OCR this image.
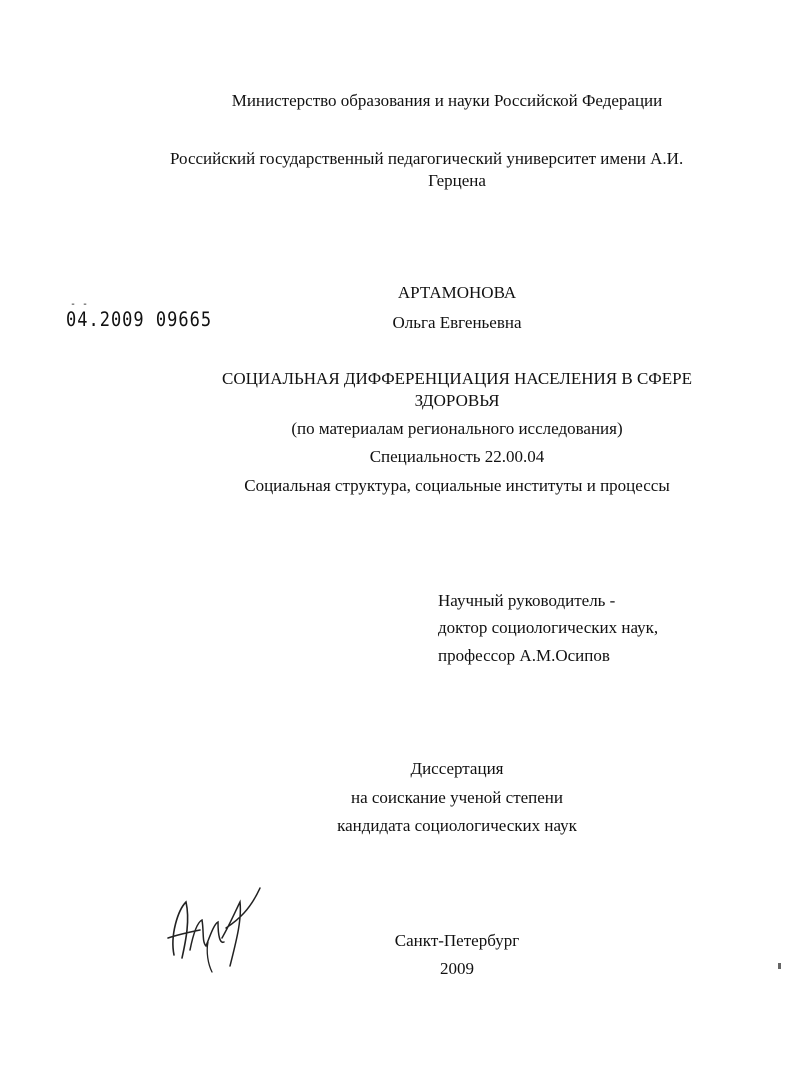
Министерство образования и науки Российской Федерации
Российский государственный педагогический университет имени А.И.
Герцена
- -
04.2009 09665
АРТАМОНОВА
Ольга Евгеньевна
СОЦИАЛЬНАЯ ДИФФЕРЕНЦИАЦИЯ НАСЕЛЕНИЯ В СФЕРЕ
ЗДОРОВЬЯ
(по материалам регионального исследования)
Специальность 22.00.04
Социальная структура, социальные институты и процессы
Научный руководитель -
доктор социологических наук,
профессор А.М.Осипов
Диссертация
на соискание ученой степени
кандидата социологических наук
Санкт-Петербург
2009
